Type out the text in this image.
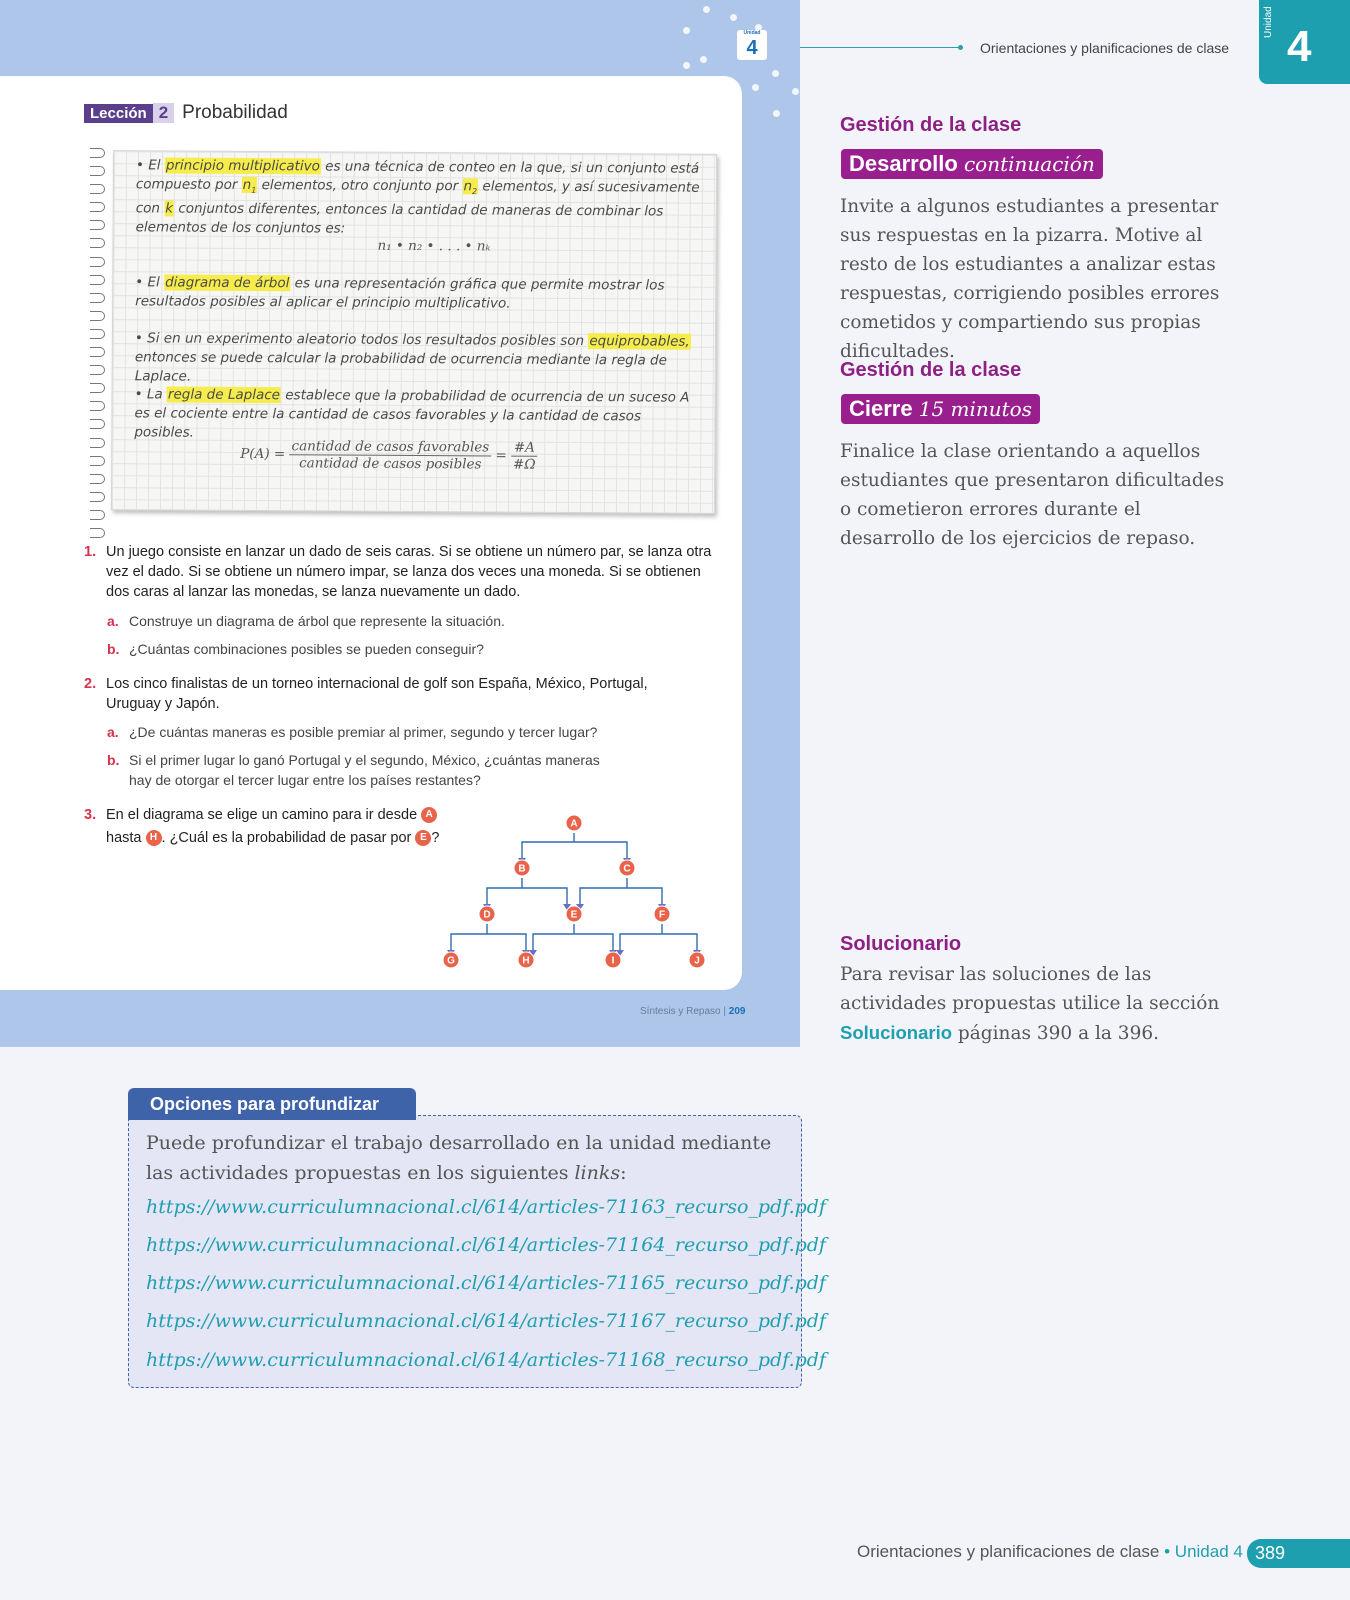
Unidad
4
Lección 2 Probabilidad
• El principio multiplicativo es una técnica de conteo en la que, si un conjunto está compuesto por $n_1$ elementos, otro conjunto por $n_2$ elementos, y así sucesivamente con k conjuntos diferentes, entonces la cantidad de maneras de combinar los elementos de los conjuntos es:
n₁ • n₂ • . . . • nₖ
• El diagrama de árbol es una representación gráfica que permite mostrar los resultados posibles al aplicar el principio multiplicativo.
• Si en un experimento aleatorio todos los resultados posibles son equiprobables, entonces se puede calcular la probabilidad de ocurrencia mediante la regla de Laplace.
• La regla de Laplace establece que la probabilidad de ocurrencia de un suceso A es el cociente entre la cantidad de casos favorables y la cantidad de casos posibles.
$P(A) = \frac{\text{cantidad de casos favorables}}{\text{cantidad de casos posibles}} = \frac{\#A}{\#\Omega}$
1. Un juego consiste en lanzar un dado de seis caras. Si se obtiene un número par, se lanza otra vez el dado. Si se obtiene un número impar, se lanza dos veces una moneda. Si se obtienen dos caras al lanzar las monedas, se lanza nuevamente un dado.
a. Construye un diagrama de árbol que represente la situación.
b. ¿Cuántas combinaciones posibles se pueden conseguir?
2. Los cinco finalistas de un torneo internacional de golf son España, México, Portugal, Uruguay y Japón.
a. ¿De cuántas maneras es posible premiar al primer, segundo y tercer lugar?
b. Si el primer lugar lo ganó Portugal y el segundo, México, ¿cuántas maneras hay de otorgar el tercer lugar entre los países restantes?
3. En el diagrama se elige un camino para ir desde A
hasta H . ¿Cuál es la probabilidad de pasar por E ?
A
B	C
D	E	F
G	H	I	J
Síntesis y Repaso | 209
Orientaciones y planificaciones de clase
Unidad 4
Gestión de la clase
Desarrollo continuación
Invite a algunos estudiantes a presentar sus respuestas en la pizarra. Motive al resto de los estudiantes a analizar estas respuestas, corrigiendo posibles errores cometidos y compartiendo sus propias dificultades.
Gestión de la clase
Cierre 15 minutos
Finalice la clase orientando a aquellos estudiantes que presentaron dificultades o cometieron errores durante el desarrollo de los ejercicios de repaso.
Solucionario
Para revisar las soluciones de las actividades propuestas utilice la sección Solucionario páginas 390 a la 396.
Opciones para profundizar
Puede profundizar el trabajo desarrollado en la unidad mediante las actividades propuestas en los siguientes links:
https://www.curriculumnacional.cl/614/articles-71163_recurso_pdf.pdf
https://www.curriculumnacional.cl/614/articles-71164_recurso_pdf.pdf
https://www.curriculumnacional.cl/614/articles-71165_recurso_pdf.pdf
https://www.curriculumnacional.cl/614/articles-71167_recurso_pdf.pdf
https://www.curriculumnacional.cl/614/articles-71168_recurso_pdf.pdf
Orientaciones y planificaciones de clase • Unidad 4 389
